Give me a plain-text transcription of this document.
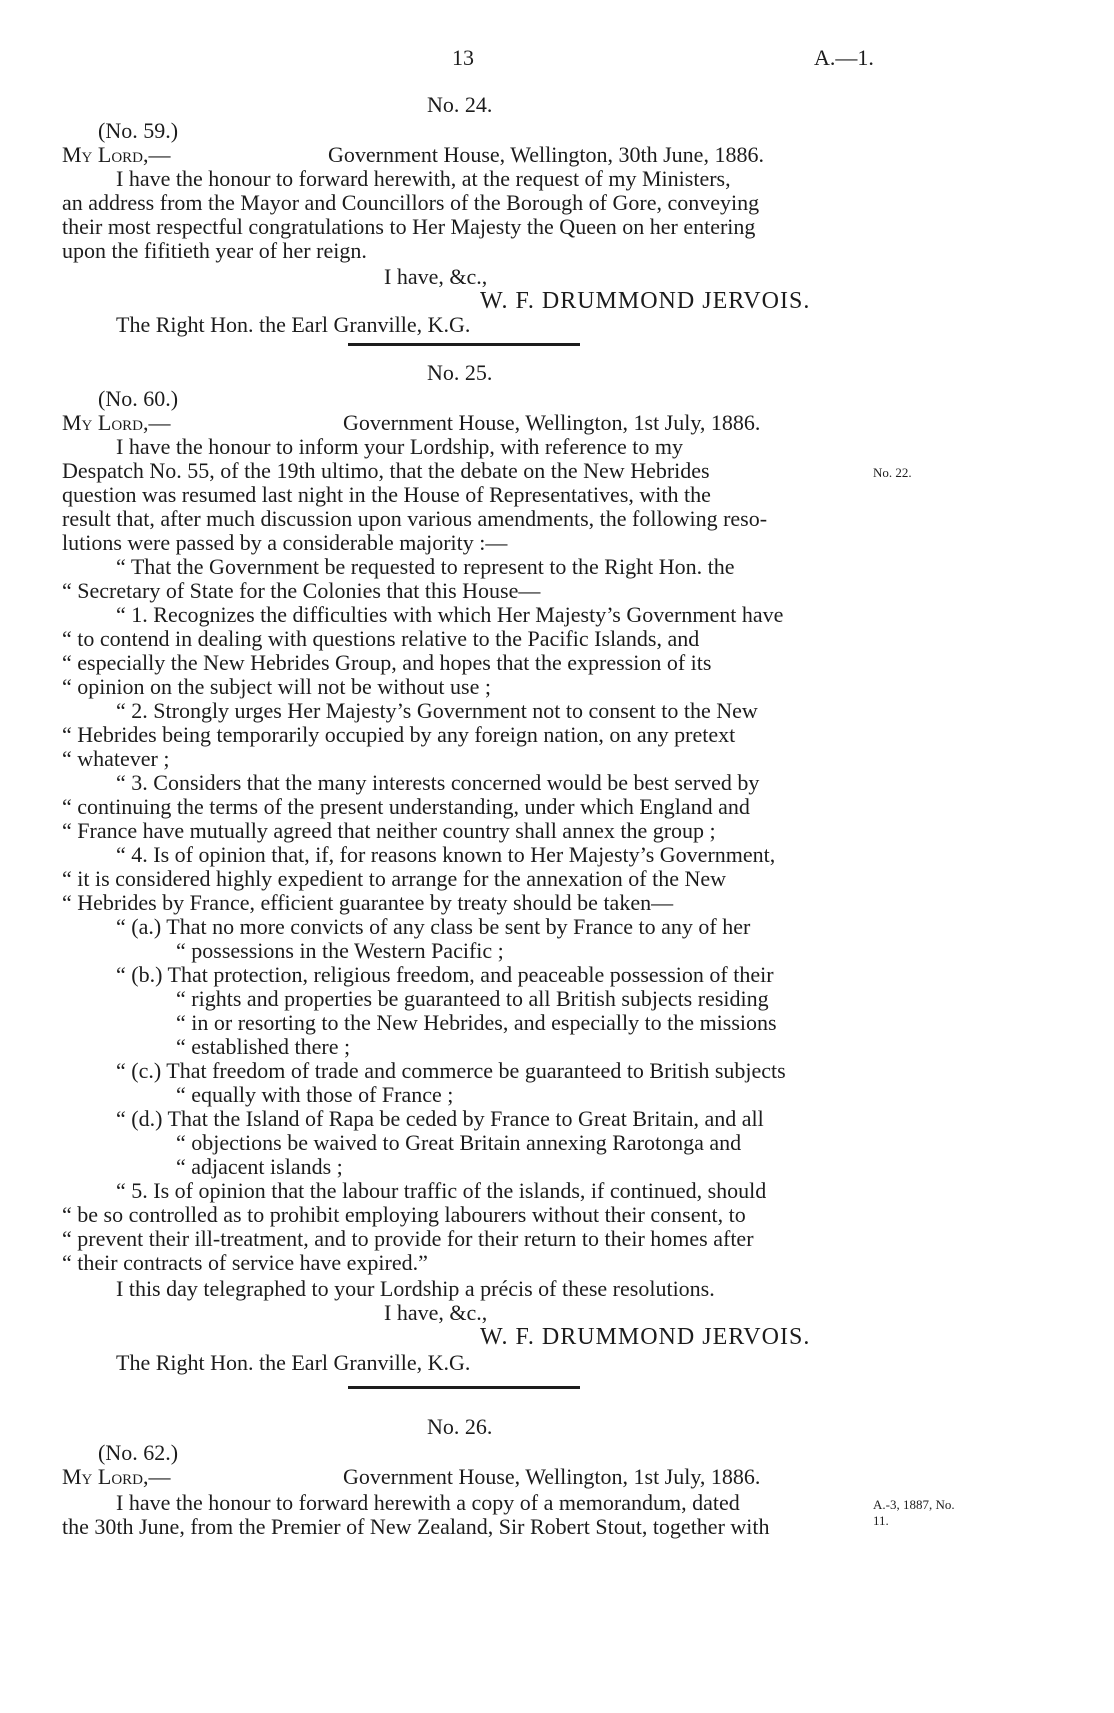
13	A.—1.
No. 24.
(No. 59.)
My Lord,—	Government House, Wellington, 30th June, 1886.
I have the honour to forward herewith, at the request of my Ministers,
an address from the Mayor and Councillors of the Borough of Gore, conveying
their most respectful congratulations to Her Majesty the Queen on her entering
upon the fifitieth year of her reign.
I have, &c.,
W. F. DRUMMOND JERVOIS.
The Right Hon. the Earl Granville, K.G.
No. 25.
(No. 60.)
My Lord,—	Government House, Wellington, 1st July, 1886.
I have the honour to inform your Lordship, with reference to my
Despatch No. 55, of the 19th ultimo, that the debate on the New Hebrides	No. 22.
question was resumed last night in the House of Representatives, with the
result that, after much discussion upon various amendments, the following reso-
lutions were passed by a considerable majority :—
“ That the Government be requested to represent to the Right Hon. the
“ Secretary of State for the Colonies that this House—
“ 1. Recognizes the difficulties with which Her Majesty’s Government have
“ to contend in dealing with questions relative to the Pacific Islands, and
“ especially the New Hebrides Group, and hopes that the expression of its
“ opinion on the subject will not be without use ;
“ 2. Strongly urges Her Majesty’s Government not to consent to the New
“ Hebrides being temporarily occupied by any foreign nation, on any pretext
“ whatever ;
“ 3. Considers that the many interests concerned would be best served by
“ continuing the terms of the present understanding, under which England and
“ France have mutually agreed that neither country shall annex the group ;
“ 4. Is of opinion that, if, for reasons known to Her Majesty’s Government,
“ it is considered highly expedient to arrange for the annexation of the New
“ Hebrides by France, efficient guarantee by treaty should be taken—
“ (a.) That no more convicts of any class be sent by France to any of her
“ possessions in the Western Pacific ;
“ (b.) That protection, religious freedom, and peaceable possession of their
“ rights and properties be guaranteed to all British subjects residing
“ in or resorting to the New Hebrides, and especially to the missions
“ established there ;
“ (c.) That freedom of trade and commerce be guaranteed to British subjects
“ equally with those of France ;
“ (d.) That the Island of Rapa be ceded by France to Great Britain, and all
“ objections be waived to Great Britain annexing Rarotonga and
“ adjacent islands ;
“ 5. Is of opinion that the labour traffic of the islands, if continued, should
“ be so controlled as to prohibit employing labourers without their consent, to
“ prevent their ill-treatment, and to provide for their return to their homes after
“ their contracts of service have expired.”
I this day telegraphed to your Lordship a précis of these resolutions.
I have, &c.,
W. F. DRUMMOND JERVOIS.
The Right Hon. the Earl Granville, K.G.
No. 26.
(No. 62.)
My Lord,—	Government House, Wellington, 1st July, 1886.
I have the honour to forward herewith a copy of a memorandum, dated
the 30th June, from the Premier of New Zealand, Sir Robert Stout, together with
A.-3, 1887, No.
11.
